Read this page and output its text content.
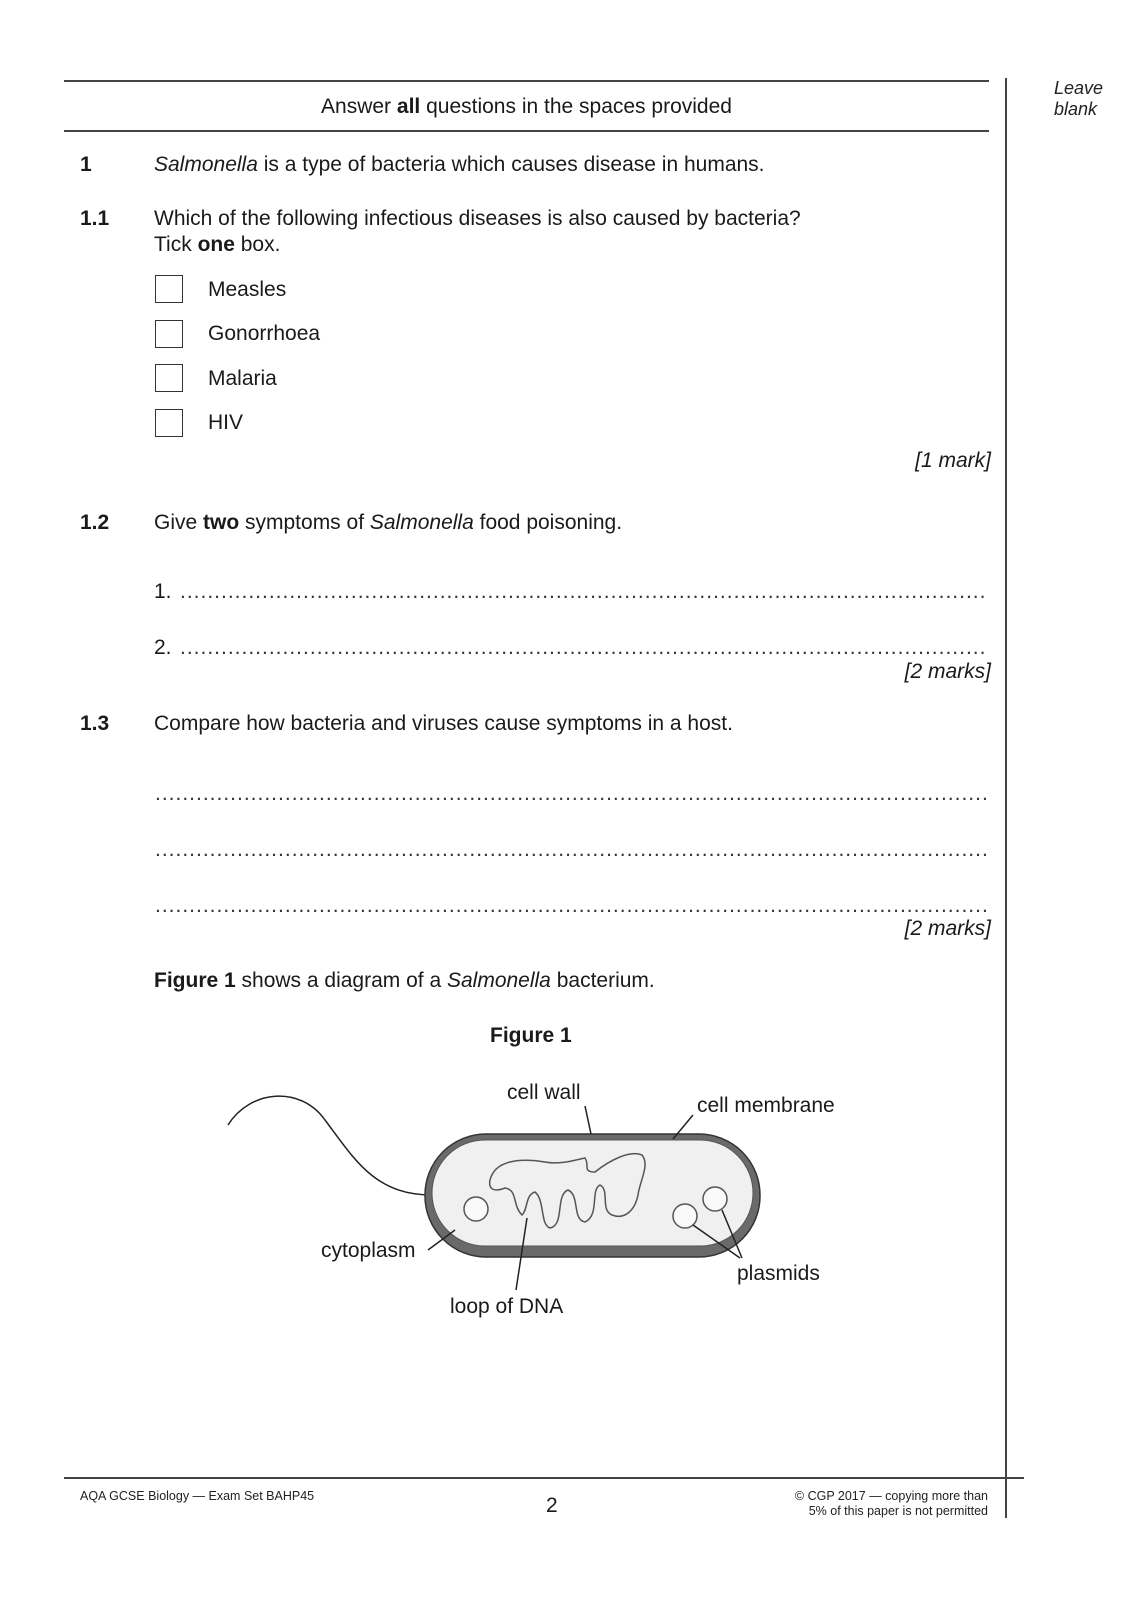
Leave
blank
Answer all questions in the spaces provided
1	Salmonella is a type of bacteria which causes disease in humans.
1.1 Which of the following infectious diseases is also caused by bacteria?
Tick one box.
Measles
Gonorrhoea
Malaria
HIV
[1 mark]
1.2 Give two symptoms of Salmonella food poisoning.
1.
.....
2.
.....
[2 marks]
1.3 Compare how bacteria and viruses cause symptoms in a host.
.....
.....
.....
[2 marks]
Figure 1 shows a diagram of a Salmonella bacterium.
Figure 1
cell wall
cell membrane
cytoplasm
loop of DNA
plasmids
AQA GCSE Biology — Exam Set BAHP45	2	© CGP 2017 — copying more than
5% of this paper is not permitted
